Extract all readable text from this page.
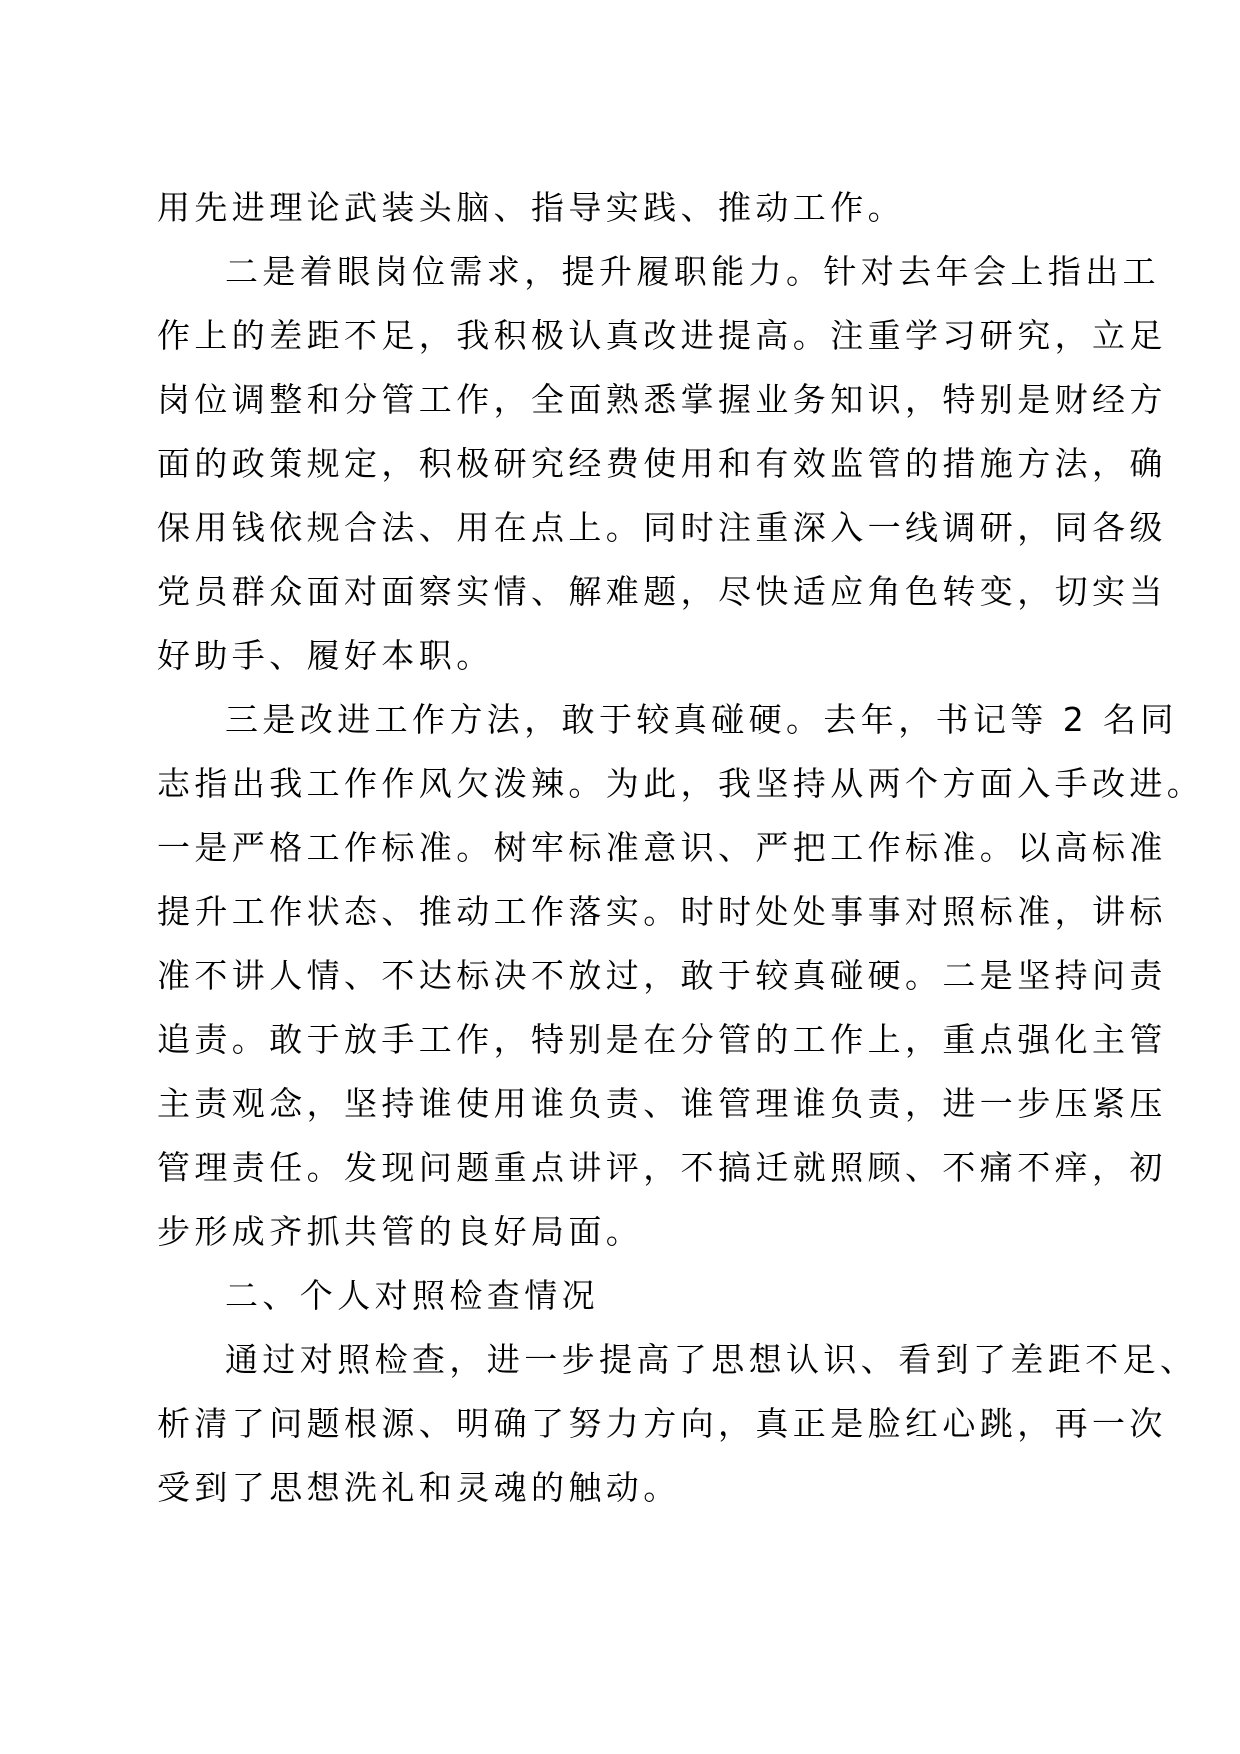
用先进理论武装头脑、指导实践、推动工作。
二是着眼岗位需求，提升履职能力。针对去年会上指出工
作上的差距不足，我积极认真改进提高。注重学习研究，立足
岗位调整和分管工作，全面熟悉掌握业务知识，特别是财经方
面的政策规定，积极研究经费使用和有效监管的措施方法，确
保用钱依规合法、用在点上。同时注重深入一线调研，同各级
党员群众面对面察实情、解难题，尽快适应角色转变，切实当
好助手、履好本职。
三是改进工作方法，敢于较真碰硬。去年，书记等 2 名同
志指出我工作作风欠泼辣。为此，我坚持从两个方面入手改进。
一是严格工作标准。树牢标准意识、严把工作标准。以高标准
提升工作状态、推动工作落实。时时处处事事对照标准，讲标
准不讲人情、不达标决不放过，敢于较真碰硬。二是坚持问责
追责。敢于放手工作，特别是在分管的工作上，重点强化主管
主责观念，坚持谁使用谁负责、谁管理谁负责，进一步压紧压
管理责任。发现问题重点讲评，不搞迁就照顾、不痛不痒，初
步形成齐抓共管的良好局面。
二、个人对照检查情况
通过对照检查，进一步提高了思想认识、看到了差距不足、
析清了问题根源、明确了努力方向，真正是脸红心跳，再一次
受到了思想洗礼和灵魂的触动。
